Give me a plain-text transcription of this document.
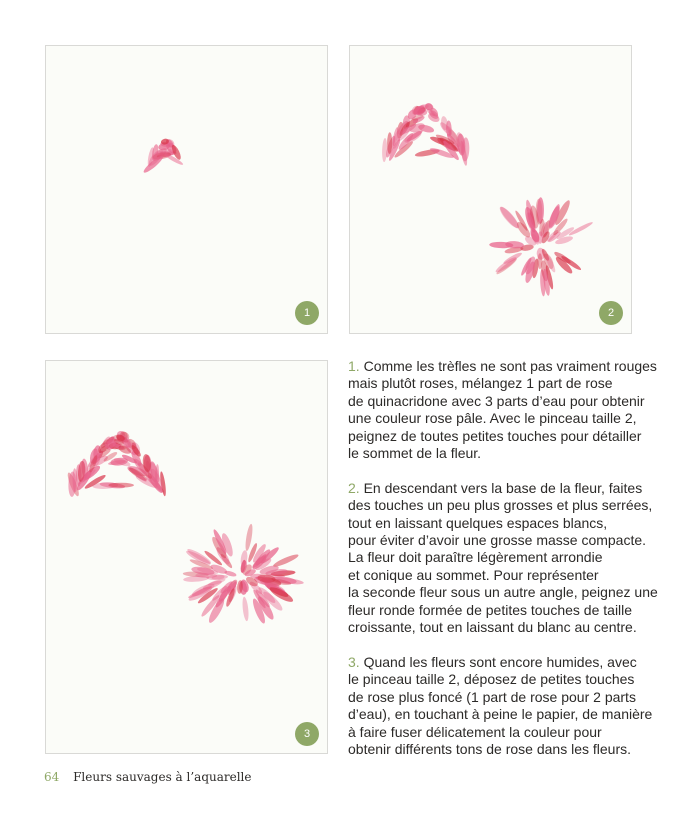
1	2
3
1. Comme les trèfles ne sont pas vraiment rouges
mais plutôt roses, mélangez 1 part de rose
de quinacridone avec 3 parts d’eau pour obtenir
une couleur rose pâle. Avec le pinceau taille 2,
peignez de toutes petites touches pour détailler
le sommet de la fleur.
2. En descendant vers la base de la fleur, faites
des touches un peu plus grosses et plus serrées,
tout en laissant quelques espaces blancs,
pour éviter d’avoir une grosse masse compacte.
La fleur doit paraître légèrement arrondie
et conique au sommet. Pour représenter
la seconde fleur sous un autre angle, peignez une
fleur ronde formée de petites touches de taille
croissante, tout en laissant du blanc au centre.
3. Quand les fleurs sont encore humides, avec
le pinceau taille 2, déposez de petites touches
de rose plus foncé (1 part de rose pour 2 parts
d’eau), en touchant à peine le papier, de manière
à faire fuser délicatement la couleur pour
obtenir différents tons de rose dans les fleurs.
64 Fleurs sauvages à l’aquarelle
